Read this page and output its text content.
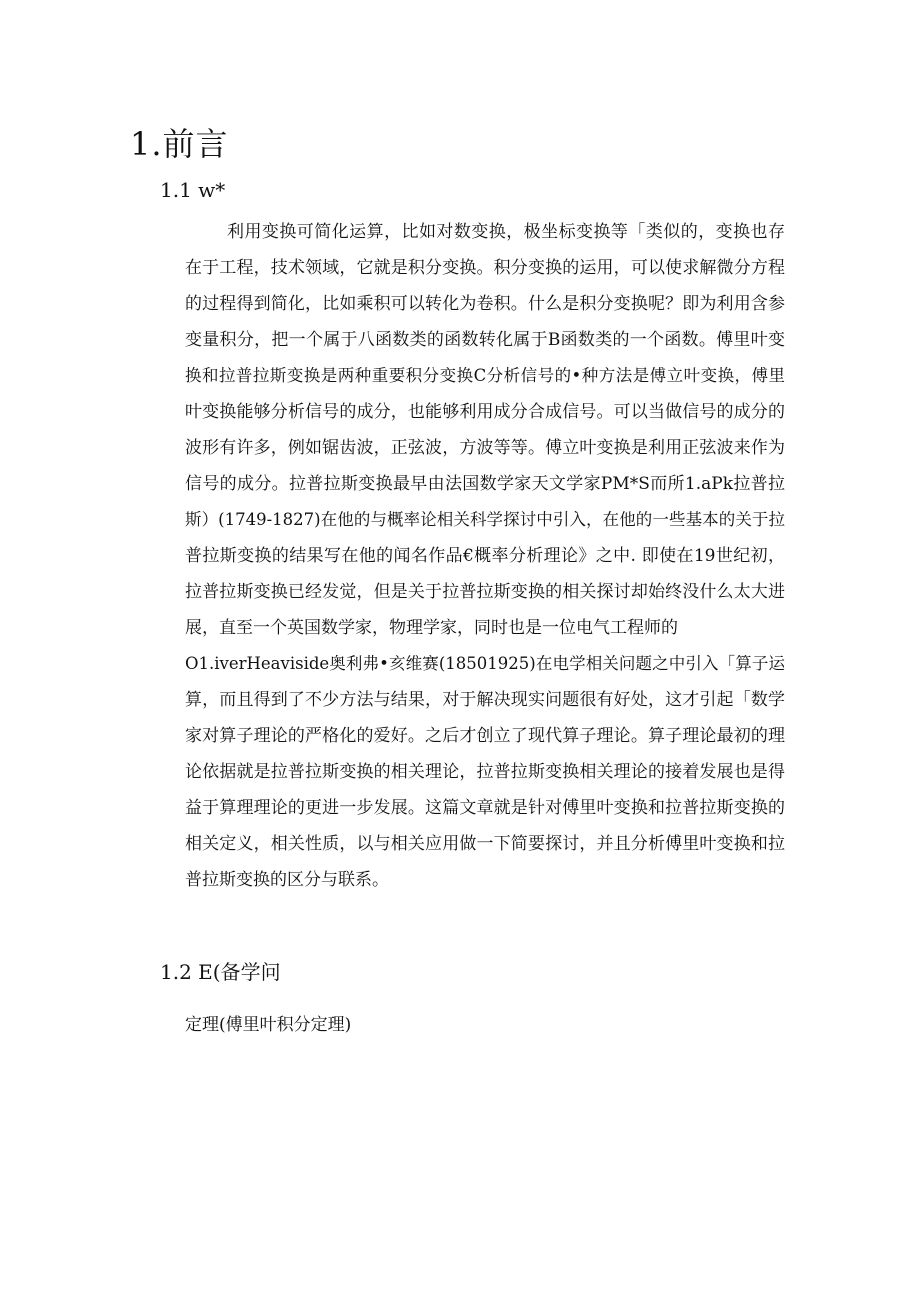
1.前言
1.1 w*
利用变换可简化运算，比如对数变换，极坐标变换等「类似的，变换也存
在于工程，技术领域，它就是积分变换。积分变换的运用，可以使求解微分方程
的过程得到简化，比如乘积可以转化为卷积。什么是积分变换呢？即为利用含参
变量积分，把一个属于八函数类的函数转化属于B函数类的一个函数。傅里叶变
换和拉普拉斯变换是两种重要积分变换C分析信号的•种方法是傅立叶变换，傅里
叶变换能够分析信号的成分，也能够利用成分合成信号。可以当做信号的成分的
波形有许多，例如锯齿波，正弦波，方波等等。傅立叶变换是利用正弦波来作为
信号的成分。拉普拉斯变换最早由法国数学家天文学家PM*S而所1.aPk拉普拉
斯）(1749-1827)在他的与概率论相关科学探讨中引入，在他的一些基本的关于拉
普拉斯变换的结果写在他的闻名作品€概率分析理论》之中. 即使在19世纪初，
拉普拉斯变换已经发觉，但是关于拉普拉斯变换的相关探讨却始终没什么太大进
展，直至一个英国数学家，物理学家，同时也是一位电气工程师的
O1.iverHeaviside奥利弗•亥维赛(18501925)在电学相关问题之中引入「算子运
算，而且得到了不少方法与结果，对于解决现实问题很有好处，这才引起「数学
家对算子理论的严格化的爱好。之后才创立了现代算子理论。算子理论最初的理
论依据就是拉普拉斯变换的相关理论，拉普拉斯变换相关理论的接着发展也是得
益于算理理论的更进一步发展。这篇文章就是针对傅里叶变换和拉普拉斯变换的
相关定义，相关性质，以与相关应用做一下简要探讨，并且分析傅里叶变换和拉
普拉斯变换的区分与联系。
1.2 E(备学问
定理(傅里叶积分定理)
